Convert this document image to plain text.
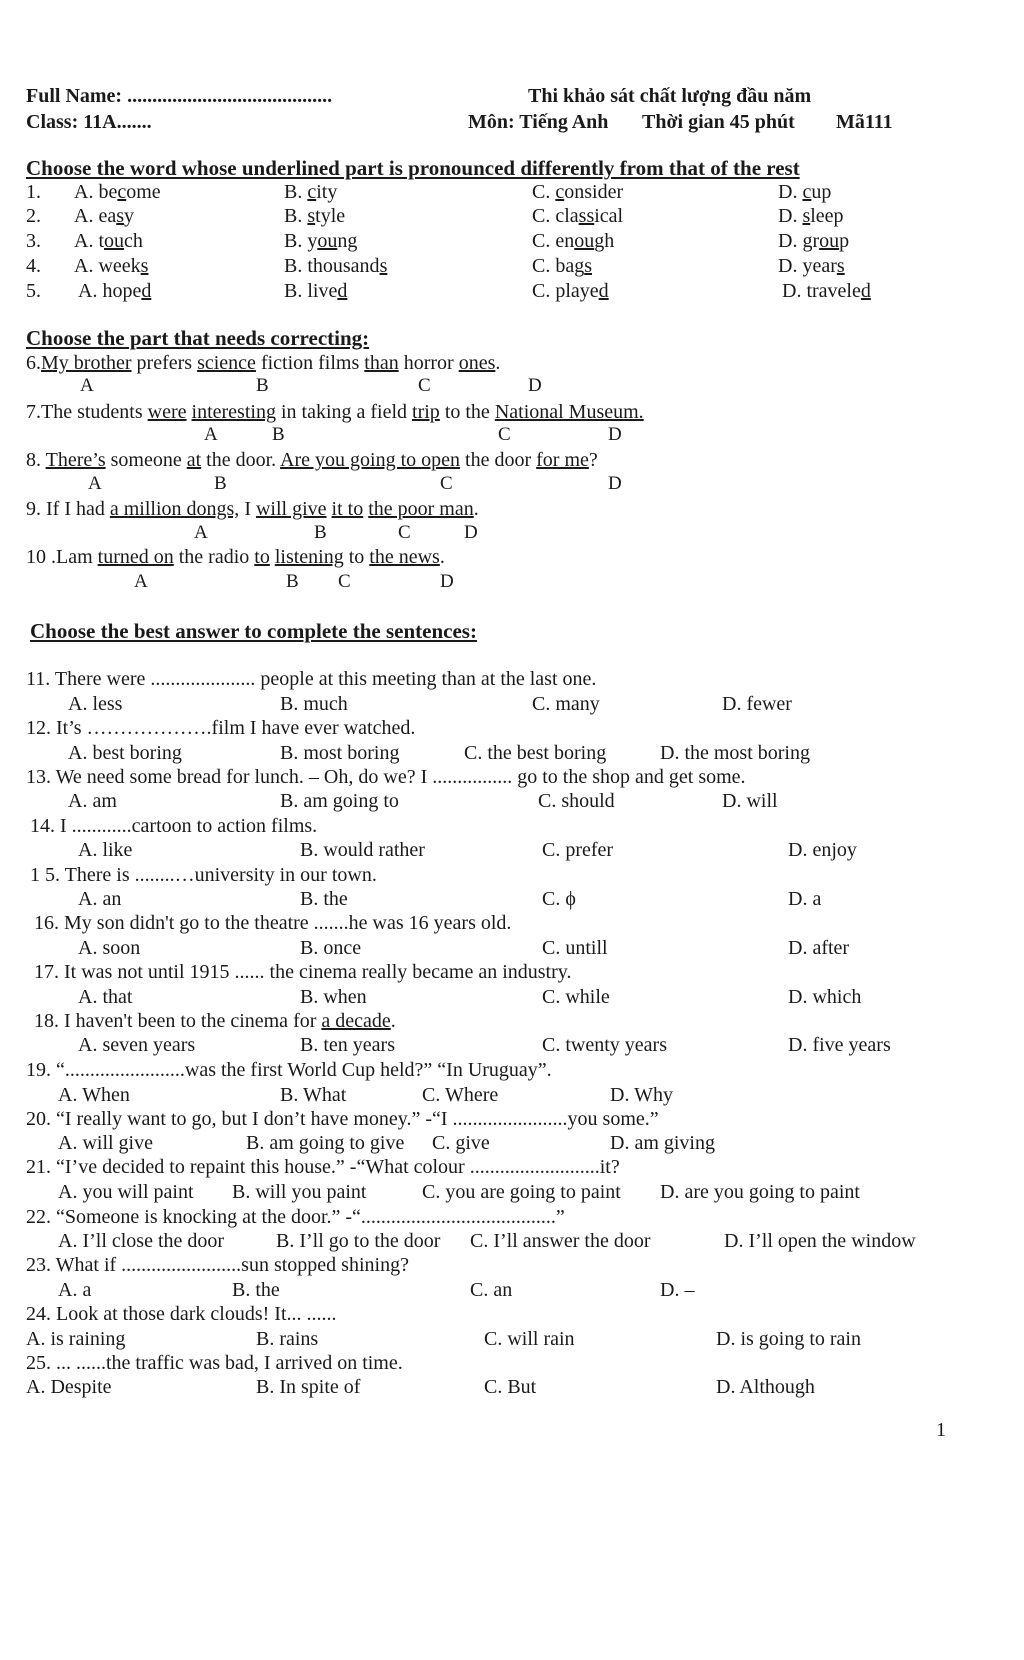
Full Name: .........................................
Class: 11A.......
Thi khảo sát chất lượng đầu năm
Môn: Tiếng Anh Thời gian 45 phút Mã111
Choose the word whose underlined part is pronounced differently from that of the rest
1. A. become	B. city	C. consider	D. cup
2. A. easy	B. style	C. classical	D. sleep
3. A. touch	B. young	C. enough	D. group
4. A. weeks	B. thousands	C. bags	D. years
5. A. hoped	B. lived	C. played	D. traveled
Choose the part that needs correcting:
6.My brother prefers science fiction films than horror ones.
A	B	C	D
7.The students were interesting in taking a field trip to the National Museum.
A	B	C	D
8. There’s someone at the door. Are you going to open the door for me?
A	B	C	D
9. If I had a million dongs, I will give it to the poor man.
A	B	C	D
10 .Lam turned on the radio to listening to the news.
A	B C	D
Choose the best answer to complete the sentences:
11. There were ..................... people at this meeting than at the last one.
A. less	B. much	C. many	D. fewer
12. It’s ……………….film I have ever watched.
A. best boring	B. most boring	C. the best boring	D. the most boring
13. We need some bread for lunch. – Oh, do we? I ................ go to the shop and get some.
A. am	B. am going to	C. should	D. will
14. I ............cartoon to action films.
A. like	B. would rather	C. prefer	D. enjoy
1 5. There is ........…university in our town.
A. an	B. the	C. ϕ	D. a
16. My son didn't go to the theatre .......he was 16 years old.
A. soon	B. once	C. untill	D. after
17. It was not until 1915 ...... the cinema really became an industry.
A. that	B. when	C. while	D. which
18. I haven't been to the cinema for a decade.
A. seven years	B. ten years	C. twenty years	D. five years
19. “........................was the first World Cup held?” “In Uruguay”.
A. When	B. What	C. Where	D. Why
20. “I really want to go, but I don’t have money.” -“I .......................you some.”
A. will give	B. am going to give C. give	D. am giving
21. “I’ve decided to repaint this house.” -“What colour ..........................it?
A. you will paint B. will you paint	C. you are going to paint D. are you going to paint
22. “Someone is knocking at the door.” -“.......................................”
A. I’ll close the door	B. I’ll go to the door C. I’ll answer the door	D. I’ll open the window
23. What if ........................sun stopped shining?
A. a	B. the	C. an	D. –
24. Look at those dark clouds! It... ......
A. is raining	B. rains	C. will rain	D. is going to rain
25. ... ......the traffic was bad, I arrived on time.
A. Despite	B. In spite of	C. But	D. Although
1
